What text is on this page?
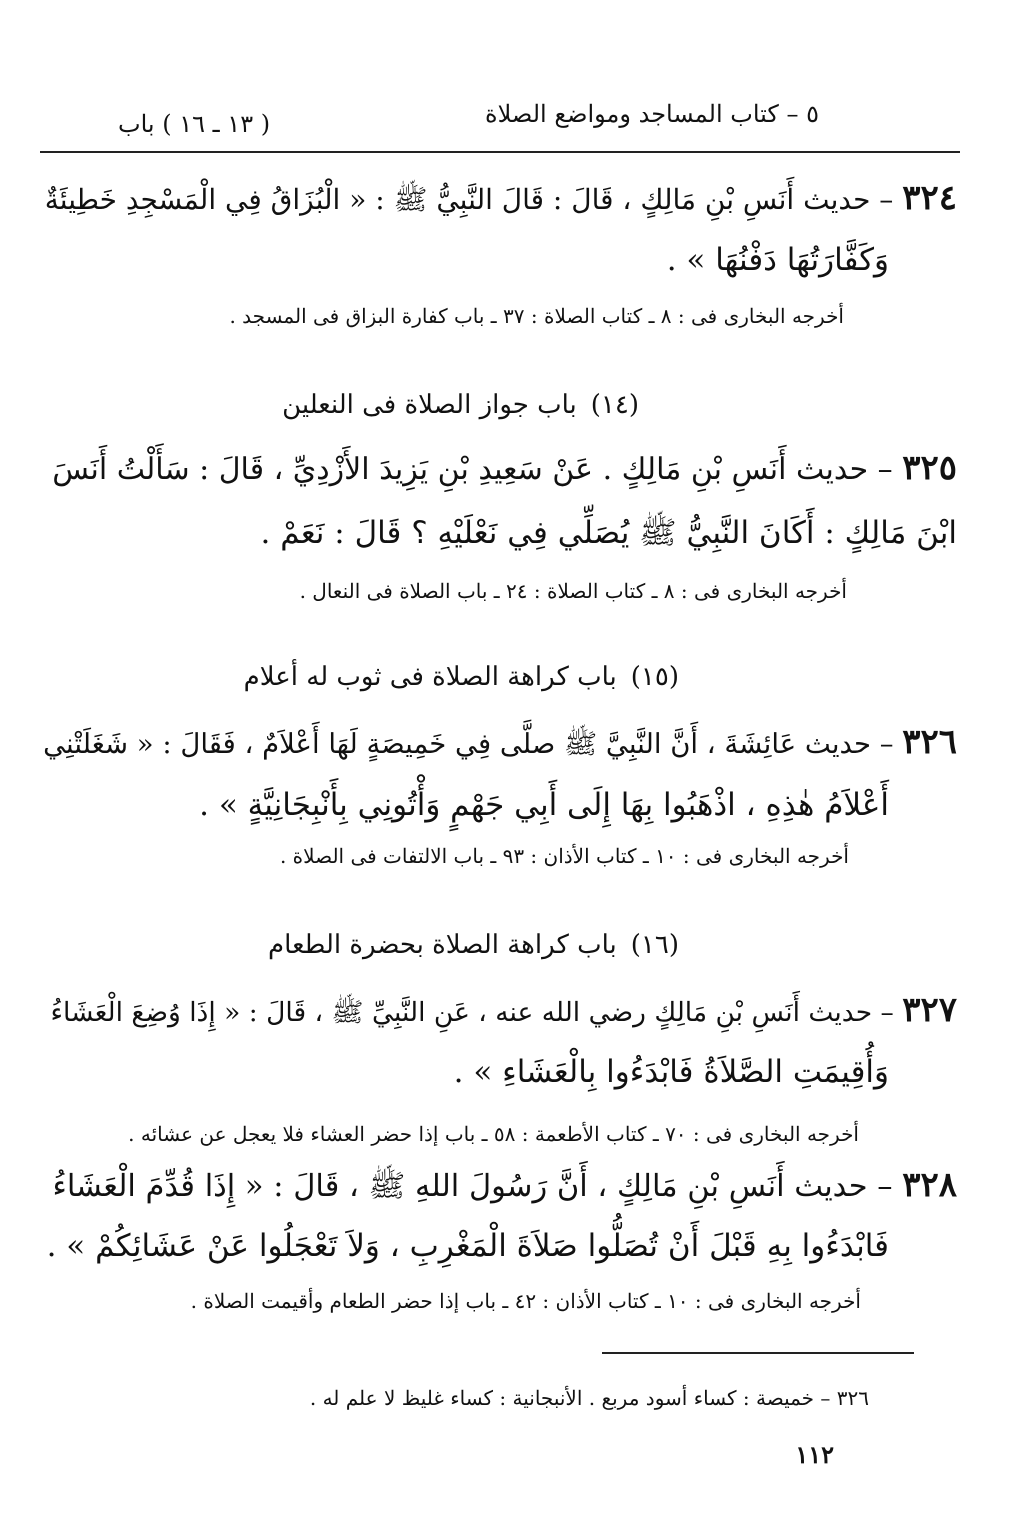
٥ – كتاب المساجد ومواضع الصلاة
( ١٣ ـ ١٦ ) باب
٣٢٤ – حديث أَنَسِ بْنِ مَالِكٍ ، قَالَ : قَالَ النَّبِيُّ ﷺ : « الْبُزَاقُ فِي الْمَسْجِدِ خَطِيئَةٌ
وَكَفَّارَتُهَا دَفْنُهَا » .
أخرجه البخارى فى : ٨ ـ كتاب الصلاة : ٣٧ ـ باب كفارة البزاق فى المسجد .
(١٤)باب جواز الصلاة فى النعلين
٣٢٥ – حديث أَنَسِ بْنِ مَالِكٍ . عَنْ سَعِيدِ بْنِ يَزِيدَ الأَزْدِيِّ ، قَالَ : سَأَلْتُ أَنَسَ
ابْنَ مَالِكٍ : أَكَانَ النَّبِيُّ ﷺ يُصَلِّي فِي نَعْلَيْهِ ؟ قَالَ : نَعَمْ .
أخرجه البخارى فى : ٨ ـ كتاب الصلاة : ٢٤ ـ باب الصلاة فى النعال .
(١٥)باب كراهة الصلاة فى ثوب له أعلام
٣٢٦ – حديث عَائِشَةَ ، أَنَّ النَّبِيَّ ﷺ صلَّى فِي خَمِيصَةٍ لَهَا أَعْلاَمٌ ، فَقَالَ : « شَغَلَتْنِي
أَعْلاَمُ هٰذِهِ ، اذْهَبُوا بِهَا إِلَى أَبِي جَهْمٍ وَأْتُونِي بِأَنْبِجَانِيَّةٍ » .
أخرجه البخارى فى : ١٠ ـ كتاب الأذان : ٩٣ ـ باب الالتفات فى الصلاة .
(١٦)باب كراهة الصلاة بحضرة الطعام
٣٢٧ – حديث أَنَسِ بْنِ مَالِكٍ رضي الله عنه ، عَنِ النَّبِيِّ ﷺ ، قَالَ : « إِذَا وُضِعَ الْعَشَاءُ
وَأُقِيمَتِ الصَّلاَةُ فَابْدَءُوا بِالْعَشَاءِ » .
أخرجه البخارى فى : ٧٠ ـ كتاب الأطعمة : ٥٨ ـ باب إذا حضر العشاء فلا يعجل عن عشائه .
٣٢٨ – حديث أَنَسِ بْنِ مَالِكٍ ، أَنَّ رَسُولَ اللهِ ﷺ ، قَالَ : « إِذَا قُدِّمَ الْعَشَاءُ
فَابْدَءُوا بِهِ قَبْلَ أَنْ تُصَلُّوا صَلاَةَ الْمَغْرِبِ ، وَلاَ تَعْجَلُوا عَنْ عَشَائِكُمْ » .
أخرجه البخارى فى : ١٠ ـ كتاب الأذان : ٤٢ ـ باب إذا حضر الطعام وأقيمت الصلاة .
٣٢٦ – خميصة : كساء أسود مربع . الأنبجانية : كساء غليظ لا علم له .
١١٢
